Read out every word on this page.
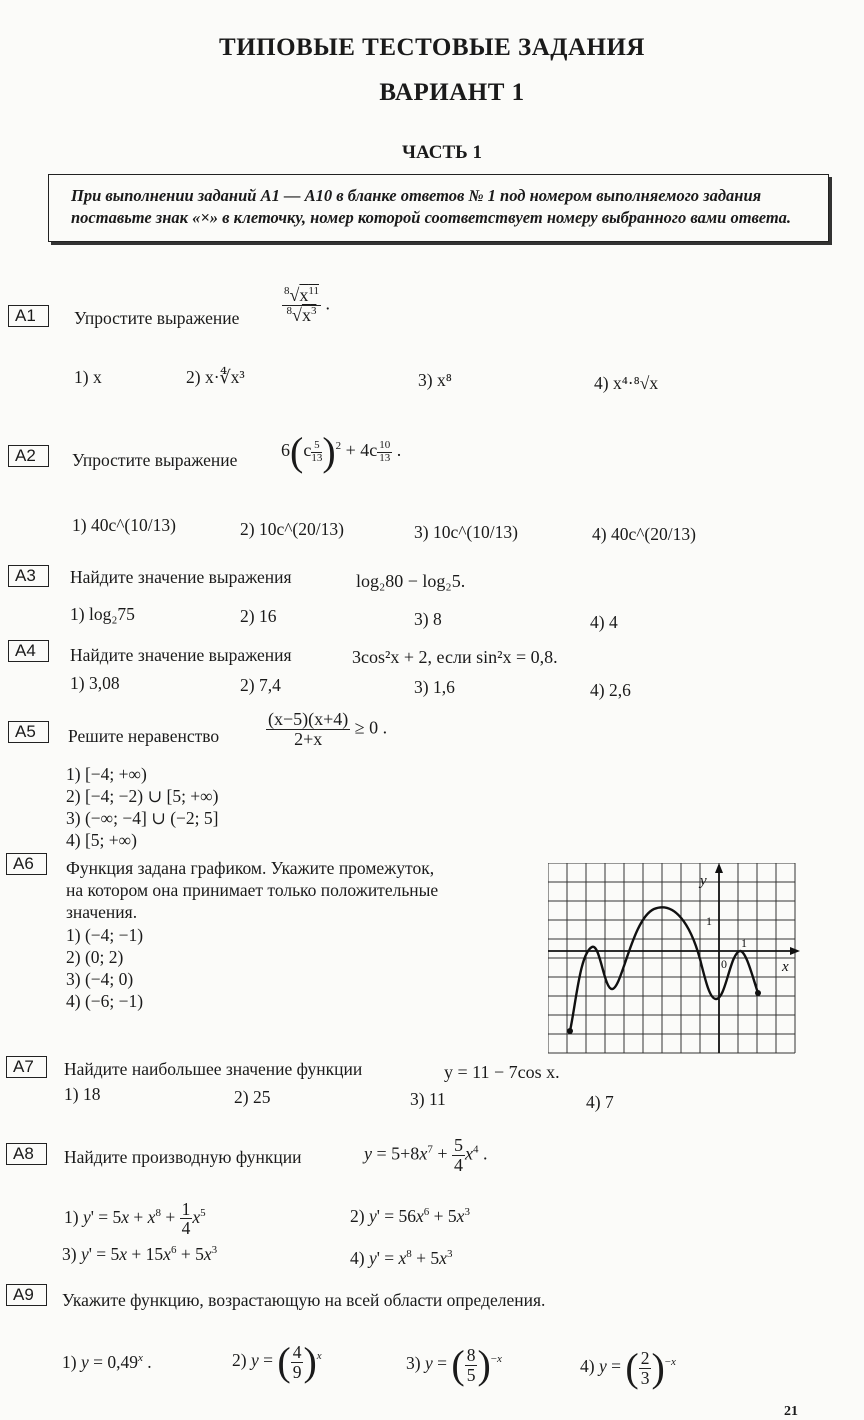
ТИПОВЫЕ ТЕСТОВЫЕ ЗАДАНИЯ
ВАРИАНТ 1
ЧАСТЬ 1
При выполнении заданий А1 — А10 в бланке ответов № 1 под номером выполняемого задания поставьте знак «×» в клеточку, номер которой соответствует номеру выбранного вами ответа.
A1	Упростите выражение	$\frac{^8√x^{11}}{^8√x^3}$ .
1) x	2) x·∜x³	3) x⁸	4) x⁴·⁸√x
A2	Упростите выражение $6(c \frac{5}{13} )^2 + 4c \frac{10}{13}$ .
1) 40c^(10/13)	2) 10c^(20/13)	3) 10c^(10/13)	4) 40c^(20/13)
A3	Найдите значение выражения	log₂80 − log₂5.
1) log₂75	2) 16	3) 8	4) 4
A4	Найдите значение выражения	3cos²x + 2, если sin²x = 0,8.
1) 3,08	2) 7,4	3) 1,6	4) 2,6
A5	Решите неравенство	$\frac{(x-5)(x+4)}{2+x} \ge 0$ .
1) [−4; +∞)
2) [−4; −2) ∪ [5; +∞)
3) (−∞; −4] ∪ (−2; 5]
4) [5; +∞)
A6	Функция задана графиком. Укажите промежуток,
на котором она принимает только положительные
значения.
1) (−4; −1)
2) (0; 2)
3) (−4; 0)
4) (−6; −1)
y
x
1
1
0
A7	Найдите наибольшее значение функции	y = 11 − 7cos x.
1) 18	2) 25	3) 11	4) 7
A8	Найдите производную функции	$y = 5+8x^7 + \frac{5}{4} x^4$ .
1) $y' = 5x + x^8 + \frac{1}{4} x^5$	2) $y' = 56x^6 + 5x^3$
3) $y' = 5x + 15x^6 + 5x^3$	4) $y' = x^8 + 5x^3$
A9	Укажите функцию, возрастающую на всей области определения.
1) $y = 0,49^x$ .	2) y = ( $\frac{4}{9} )^x$	3) y = ( $\frac{8}{5} )^{-x}$	4) y = ( $\frac{2}{3} )^{-x}$
21
